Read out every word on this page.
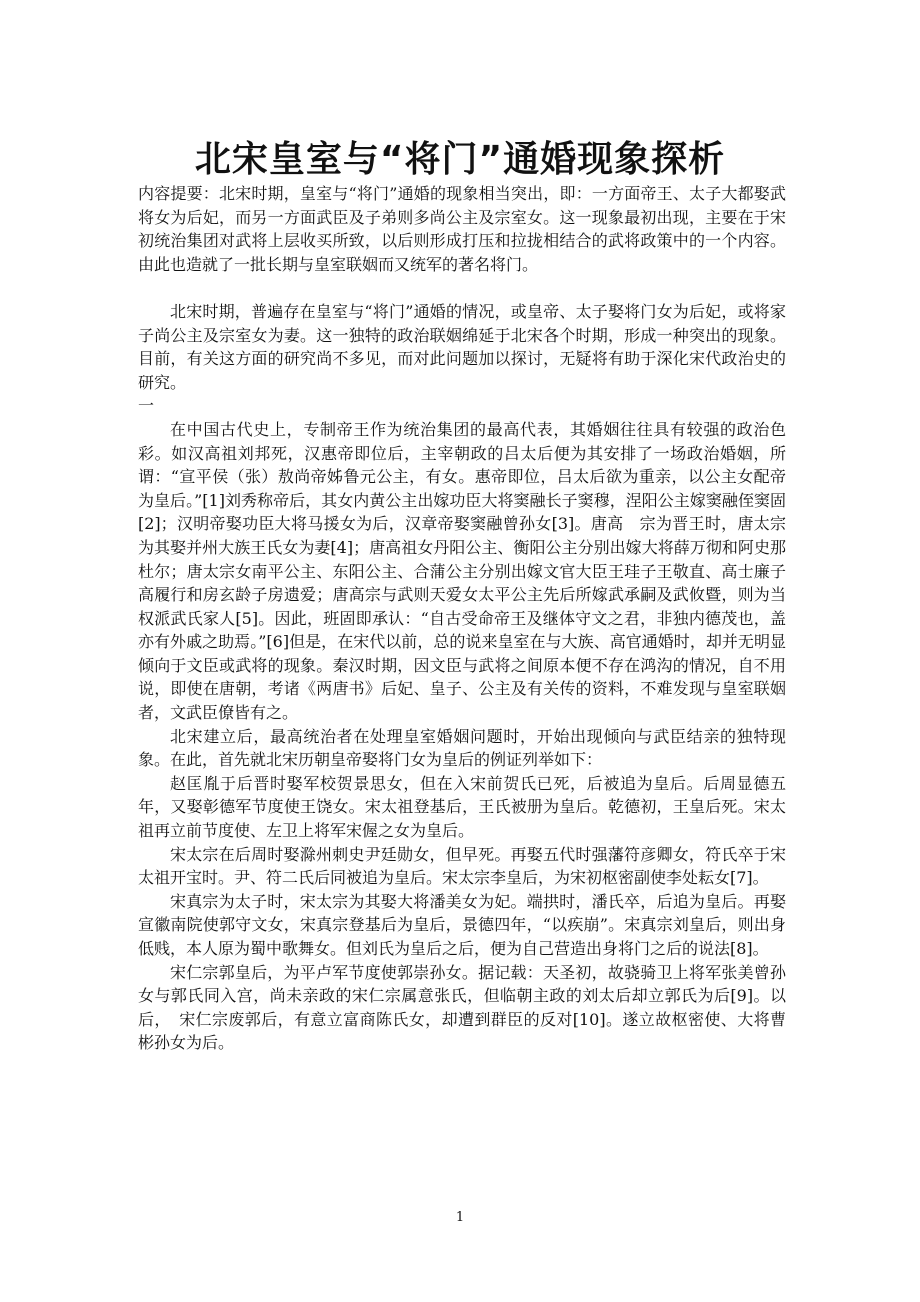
北宋皇室与“将门”通婚现象探析

内容提要：北宋时期，皇室与“将门”通婚的现象相当突出，即：一方面帝王、太子大都娶武将女为后妃，而另一方面武臣及子弟则多尚公主及宗室女。这一现象最初出现，主要在于宋初统治集团对武将上层收买所致，以后则形成打压和拉拢相结合的武将政策中的一个内容。由此也造就了一批长期与皇室联姻而又统军的著名将门。

北宋时期，普遍存在皇室与“将门”通婚的情况，或皇帝、太子娶将门女为后妃，或将家子尚公主及宗室女为妻。这一独特的政治联姻绵延于北宋各个时期，形成一种突出的现象。目前，有关这方面的研究尚不多见，而对此问题加以探讨，无疑将有助于深化宋代政治史的研究。

一

在中国古代史上，专制帝王作为统治集团的最高代表，其婚姻往往具有较强的政治色彩。如汉高祖刘邦死，汉惠帝即位后，主宰朝政的吕太后便为其安排了一场政治婚姻，所谓：“宣平侯（张）敖尚帝姊鲁元公主，有女。惠帝即位，吕太后欲为重亲，以公主女配帝为皇后。”[1]刘秀称帝后，其女内黄公主出嫁功臣大将窦融长子窦穆，涅阳公主嫁窦融侄窦固[2]；汉明帝娶功臣大将马援女为后，汉章帝娶窦融曾孙女[3]。唐高　宗为晋王时，唐太宗为其娶并州大族王氏女为妻[4]；唐高祖女丹阳公主、衡阳公主分别出嫁大将薛万彻和阿史那杜尔；唐太宗女南平公主、东阳公主、合蒲公主分别出嫁文官大臣王珪子王敬直、高士廉子高履行和房玄龄子房遗爱；唐高宗与武则天爱女太平公主先后所嫁武承嗣及武攸暨，则为当权派武氏家人[5]。因此，班固即承认：“自古受命帝王及继体守文之君，非独内德茂也，盖亦有外戚之助焉。”[6]但是，在宋代以前，总的说来皇室在与大族、高官通婚时，却并无明显倾向于文臣或武将的现象。秦汉时期，因文臣与武将之间原本便不存在鸿沟的情况，自不用说，即使在唐朝，考诸《两唐书》后妃、皇子、公主及有关传的资料，不难发现与皇室联姻者，文武臣僚皆有之。

北宋建立后，最高统治者在处理皇室婚姻问题时，开始出现倾向与武臣结亲的独特现象。在此，首先就北宋历朝皇帝娶将门女为皇后的例证列举如下：

赵匡胤于后晋时娶军校贺景思女，但在入宋前贺氏已死，后被追为皇后。后周显德五年，又娶彰德军节度使王饶女。宋太祖登基后，王氏被册为皇后。乾德初，王皇后死。宋太祖再立前节度使、左卫上将军宋偓之女为皇后。

宋太宗在后周时娶滁州刺史尹廷勋女，但早死。再娶五代时强藩符彦卿女，符氏卒于宋太祖开宝时。尹、符二氏后同被追为皇后。宋太宗李皇后，为宋初枢密副使李处耘女[7]。

宋真宗为太子时，宋太宗为其娶大将潘美女为妃。端拱时，潘氏卒，后追为皇后。再娶宣徽南院使郭守文女，宋真宗登基后为皇后，景德四年，“以疾崩”。宋真宗刘皇后，则出身低贱，本人原为蜀中歌舞女。但刘氏为皇后之后，便为自己营造出身将门之后的说法[8]。

宋仁宗郭皇后，为平卢军节度使郭崇孙女。据记载：天圣初，故骁骑卫上将军张美曾孙女与郭氏同入宫，尚未亲政的宋仁宗属意张氏，但临朝主政的刘太后却立郭氏为后[9]。以后，　宋仁宗废郭后，有意立富商陈氏女，却遭到群臣的反对[10]。遂立故枢密使、大将曹彬孙女为后。

1
